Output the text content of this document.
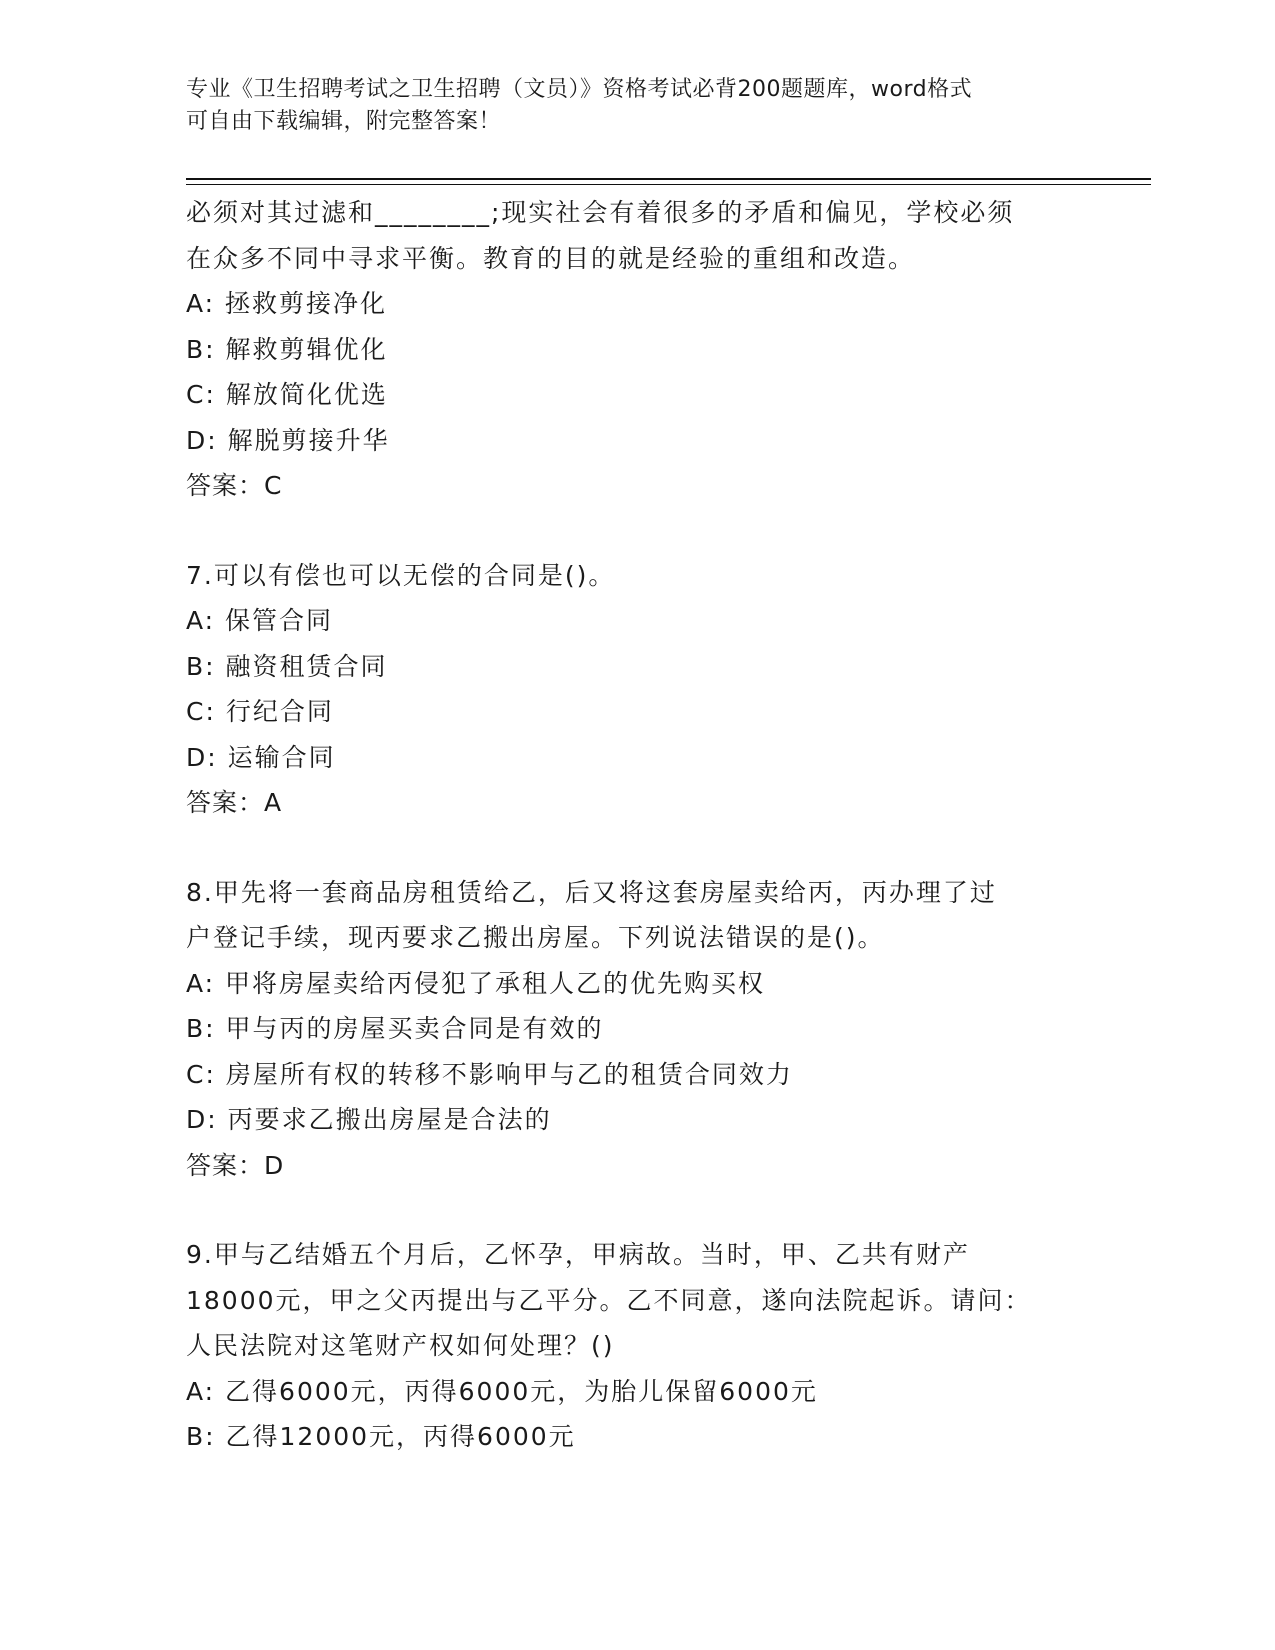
专业《卫生招聘考试之卫生招聘（文员）》资格考试必背200题题库，word格式
可自由下载编辑，附完整答案！
必须对其过滤和________;现实社会有着很多的矛盾和偏见，学校必须
在众多不同中寻求平衡。教育的目的就是经验的重组和改造。
A: 拯救剪接净化
B: 解救剪辑优化
C: 解放简化优选
D: 解脱剪接升华
答案：C
7.可以有偿也可以无偿的合同是()。
A: 保管合同
B: 融资租赁合同
C: 行纪合同
D: 运输合同
答案：A
8.甲先将一套商品房租赁给乙，后又将这套房屋卖给丙，丙办理了过
户登记手续，现丙要求乙搬出房屋。下列说法错误的是()。
A: 甲将房屋卖给丙侵犯了承租人乙的优先购买权
B: 甲与丙的房屋买卖合同是有效的
C: 房屋所有权的转移不影响甲与乙的租赁合同效力
D: 丙要求乙搬出房屋是合法的
答案：D
9.甲与乙结婚五个月后，乙怀孕，甲病故。当时，甲、乙共有财产
18000元，甲之父丙提出与乙平分。乙不同意，遂向法院起诉。请问：
人民法院对这笔财产权如何处理？()
A: 乙得6000元，丙得6000元，为胎儿保留6000元
B: 乙得12000元，丙得6000元
